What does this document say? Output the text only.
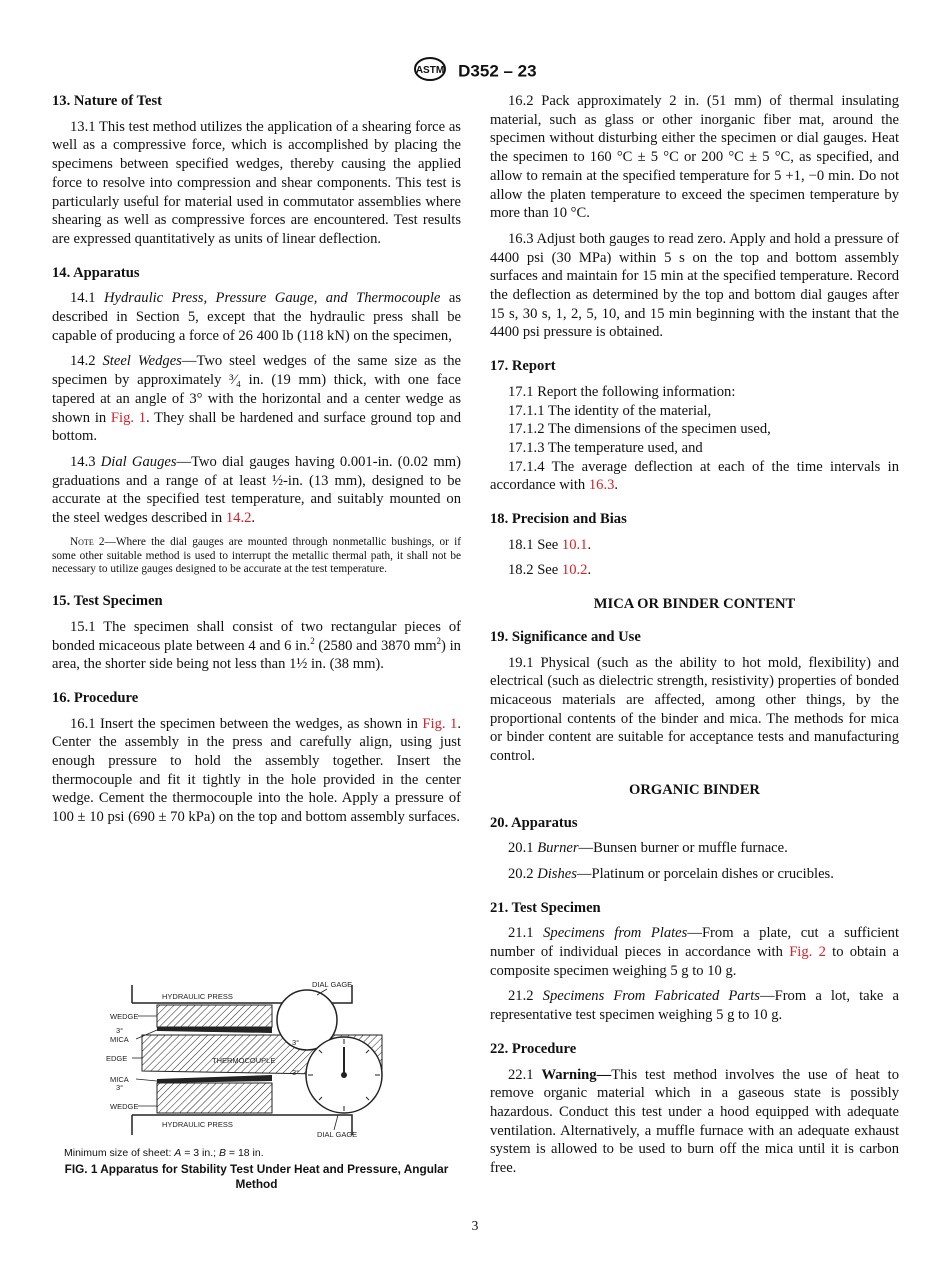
ASTM D352 – 23
13. Nature of Test

13.1 This test method utilizes the application of a shearing force as well as a compressive force, which is accomplished by placing the specimens between specified wedges, thereby causing the applied force to resolve into compression and shear components. This test is particularly useful for material used in commutator assemblies where shearing as well as compressive forces are encountered. Test results are expressed quantitatively as units of linear deflection.

14. Apparatus

14.1 Hydraulic Press, Pressure Gauge, and Thermocouple as described in Section 5, except that the hydraulic press shall be capable of producing a force of 26 400 lb (118 kN) on the specimen,

14.2 Steel Wedges—Two steel wedges of the same size as the specimen by approximately ³⁄₄ in. (19 mm) thick, with one face tapered at an angle of 3° with the horizontal and a center wedge as shown in Fig. 1. They shall be hardened and surface ground top and bottom.

14.3 Dial Gauges—Two dial gauges having 0.001-in. (0.02 mm) graduations and a range of at least ½-in. (13 mm), designed to be accurate at the specified test temperature, and suitably mounted on the steel wedges described in 14.2.

Note 2—Where the dial gauges are mounted through nonmetallic bushings, or if some other suitable method is used to interrupt the metallic thermal path, it shall not be necessary to utilize gauges designed to be accurate at the test temperature.
15. Test Specimen

15.1 The specimen shall consist of two rectangular pieces of bonded micaceous plate between 4 and 6 in.$^2$ (2580 and 3870 $mm^2$) in area, the shorter side being not less than 1½ in. (38 mm).

16. Procedure

16.1 Insert the specimen between the wedges, as shown in Fig. 1. Center the assembly in the press and carefully align, using just enough pressure to hold the assembly together. Insert the thermocouple and fit it tightly in the hole provided in the center wedge. Cement the thermocouple into the hole. Apply a pressure of 100 ± 10 psi (690 ± 70 kPa) on the top and bottom assembly surfaces.

HYDRAULIC PRESS
HYDRAULIC PRESS
WEDGE
3°
MICA
EDGE
MICA
3°
WEDGE
THERMOCOUPLE
DIAL GAGE
DIAL GAGE
3°
3°
Minimum size of sheet: A = 3 in.; B = 18 in.
FIG. 1 Apparatus for Stability Test Under Heat and Pressure, Angular Method

16.2 Pack approximately 2 in. (51 mm) of thermal insulating material, such as glass or other inorganic fiber mat, around the specimen without disturbing either the specimen or dial gauges. Heat the specimen to 160 °C ± 5 °C or 200 °C ± 5 °C, as specified, and allow to remain at the specified temperature for 5 +1, −0 min. Do not allow the platen temperature to exceed the specimen temperature by more than 10 °C.

16.3 Adjust both gauges to read zero. Apply and hold a pressure of 4400 psi (30 MPa) within 5 s on the top and bottom assembly surfaces and maintain for 15 min at the specified temperature. Record the deflection as determined by the top and bottom dial gauges after 15 s, 30 s, 1, 2, 5, 10, and 15 min beginning with the instant that the 4400 psi pressure is obtained.

17. Report

17.1 Report the following information:

17.1.1 The identity of the material,

17.1.2 The dimensions of the specimen used,

17.1.3 The temperature used, and

17.1.4 The average deflection at each of the time intervals in accordance with 16.3.

18. Precision and Bias

18.1 See 10.1.

18.2 See 10.2.

MICA OR BINDER CONTENT
19. Significance and Use

19.1 Physical (such as the ability to hot mold, flexibility) and electrical (such as dielectric strength, resistivity) properties of bonded micaceous materials are affected, among other things, by the proportional contents of the binder and mica. The methods for mica or binder content are suitable for acceptance tests and manufacturing control.

ORGANIC BINDER
20. Apparatus

20.1 Burner—Bunsen burner or muffle furnace.

20.2 Dishes—Platinum or porcelain dishes or crucibles.

21. Test Specimen

21.1 Specimens from Plates—From a plate, cut a sufficient number of individual pieces in accordance with Fig. 2 to obtain a composite specimen weighing 5 g to 10 g.

21.2 Specimens From Fabricated Parts—From a lot, take a representative test specimen weighing 5 g to 10 g.

22. Procedure

22.1 Warning—This test method involves the use of heat to remove organic material which in a gaseous state is possibly hazardous. Conduct this test under a hood equipped with adequate ventilation. Alternatively, a muffle furnace with an adequate exhaust system is allowed to be used to burn off the mica until it is carbon free.

3
